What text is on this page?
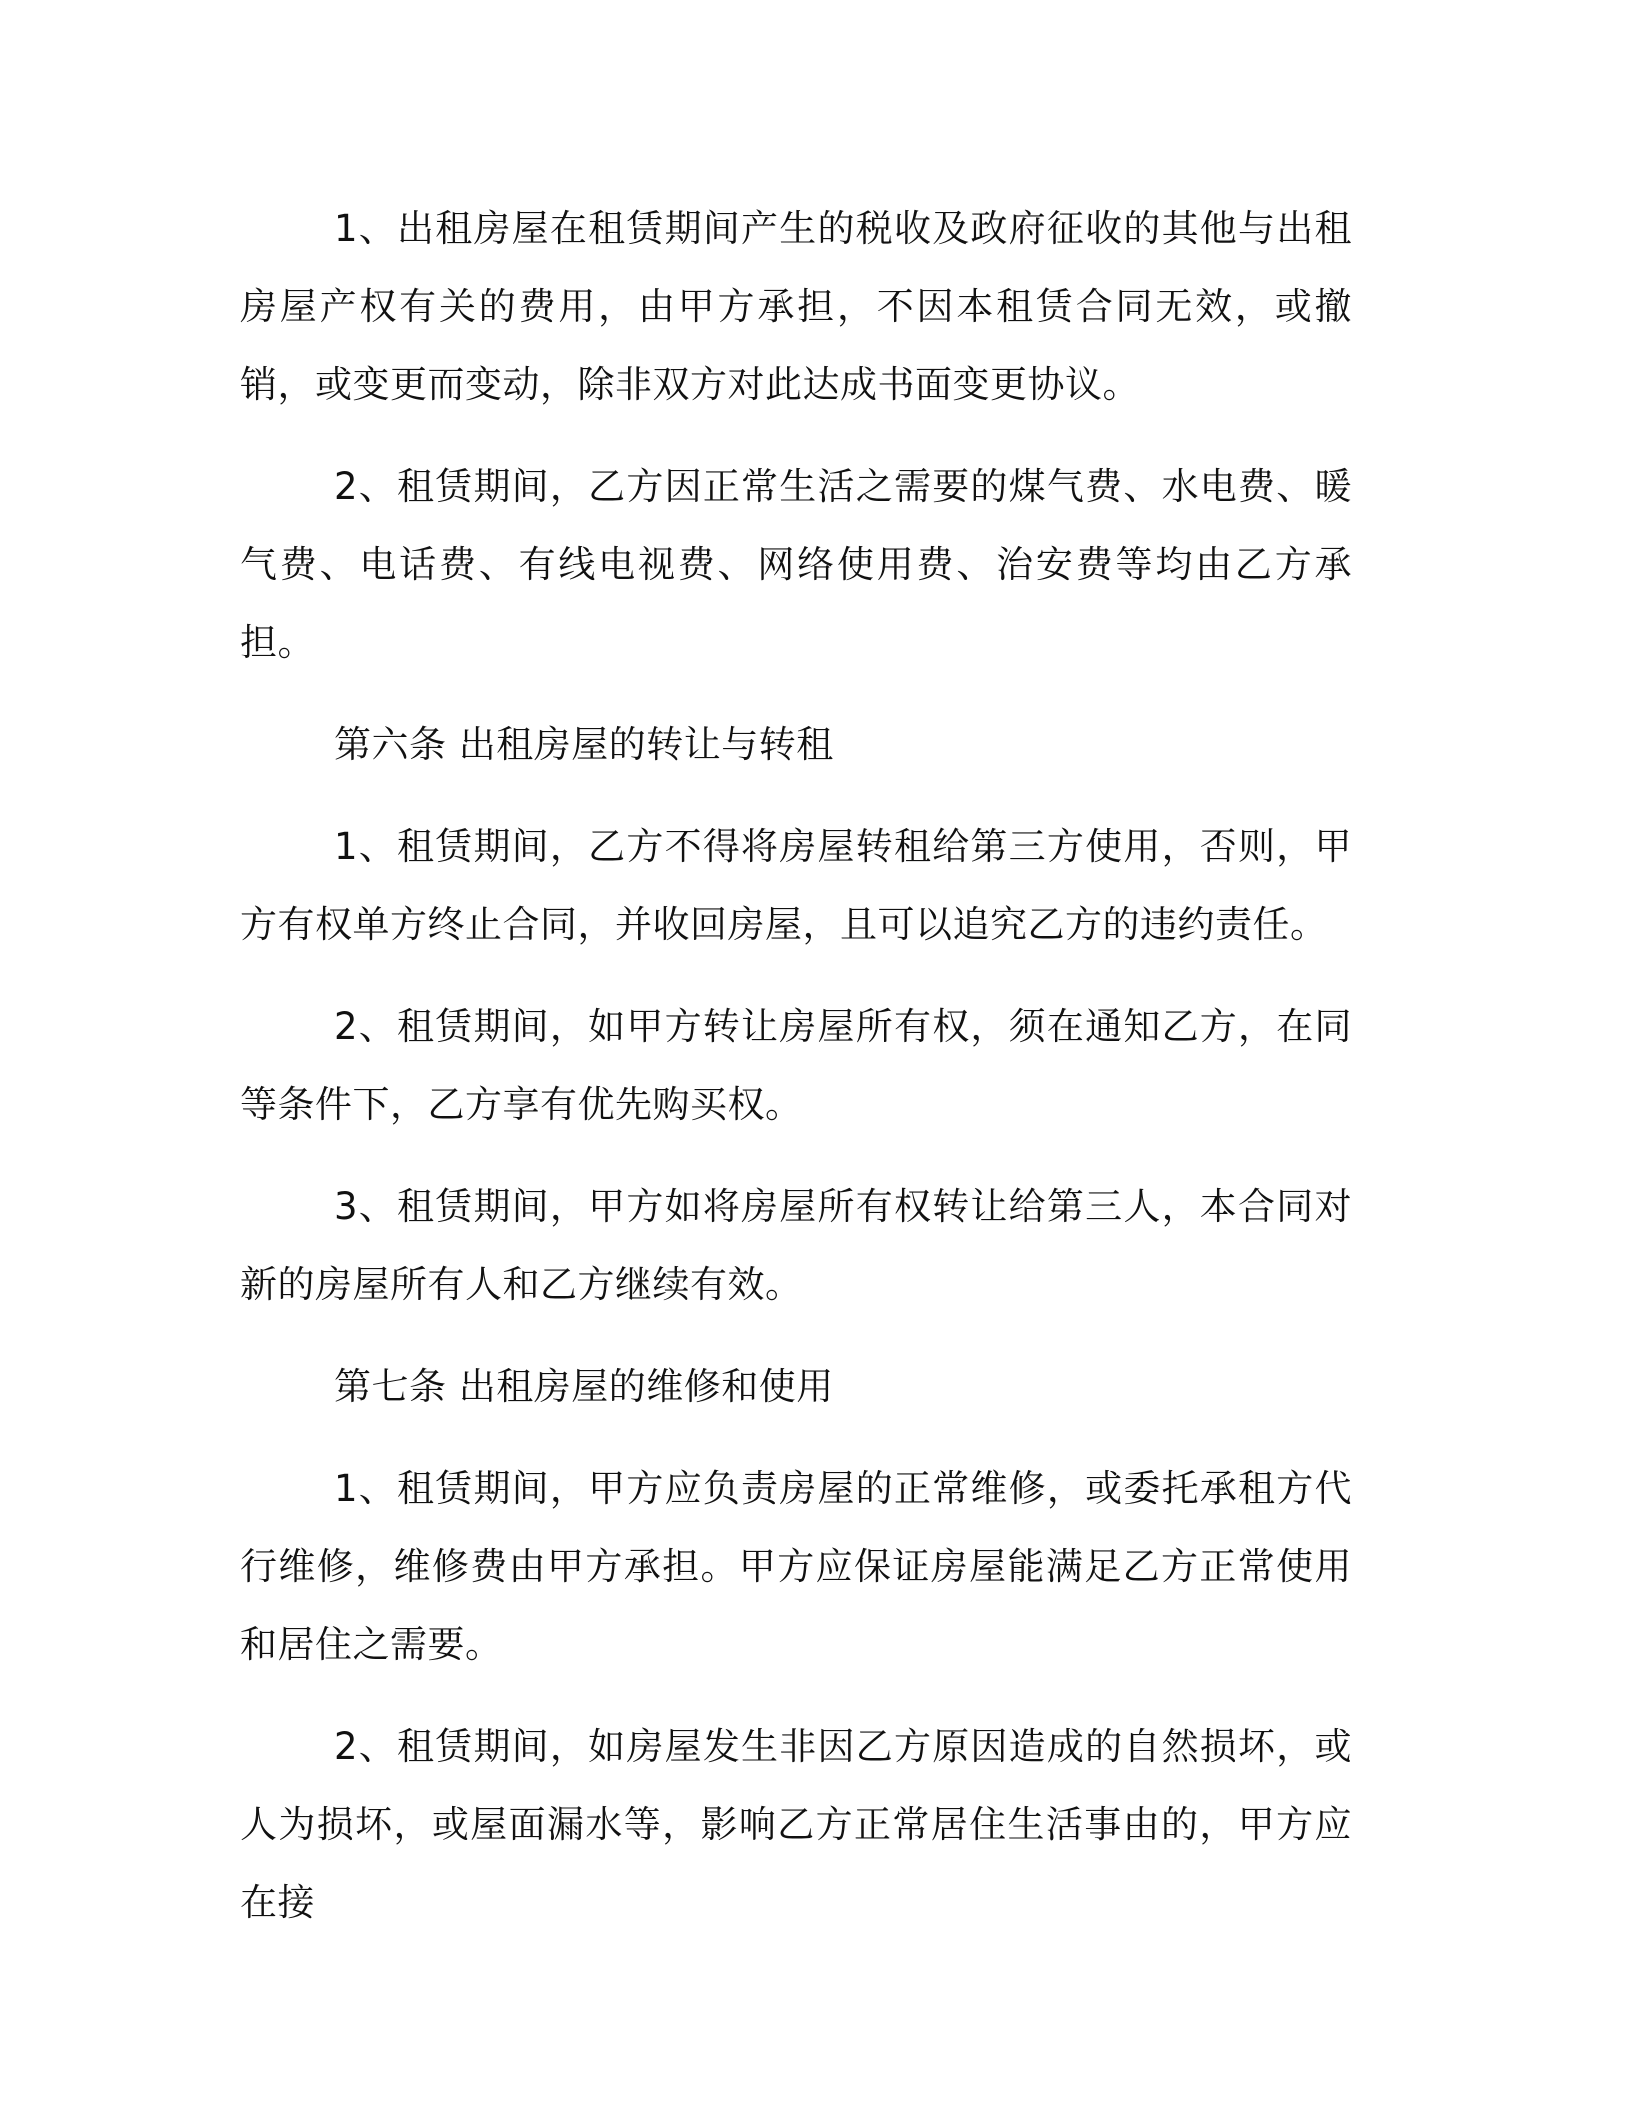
1、出租房屋在租赁期间产生的税收及政府征收的其他与出租房屋产权有关的费用，由甲方承担，不因本租赁合同无效，或撤销，或变更而变动，除非双方对此达成书面变更协议。

2、租赁期间，乙方因正常生活之需要的煤气费、水电费、暖气费、电话费、有线电视费、网络使用费、治安费等均由乙方承担。

第六条 出租房屋的转让与转租

1、租赁期间，乙方不得将房屋转租给第三方使用，否则，甲方有权单方终止合同，并收回房屋，且可以追究乙方的违约责任。

2、租赁期间，如甲方转让房屋所有权，须在通知乙方，在同等条件下，乙方享有优先购买权。

3、租赁期间，甲方如将房屋所有权转让给第三人，本合同对新的房屋所有人和乙方继续有效。

第七条 出租房屋的维修和使用

1、租赁期间，甲方应负责房屋的正常维修，或委托承租方代行维修，维修费由甲方承担。甲方应保证房屋能满足乙方正常使用和居住之需要。

2、租赁期间，如房屋发生非因乙方原因造成的自然损坏，或人为损坏，或屋面漏水等，影响乙方正常居住生活事由的，甲方应在接
